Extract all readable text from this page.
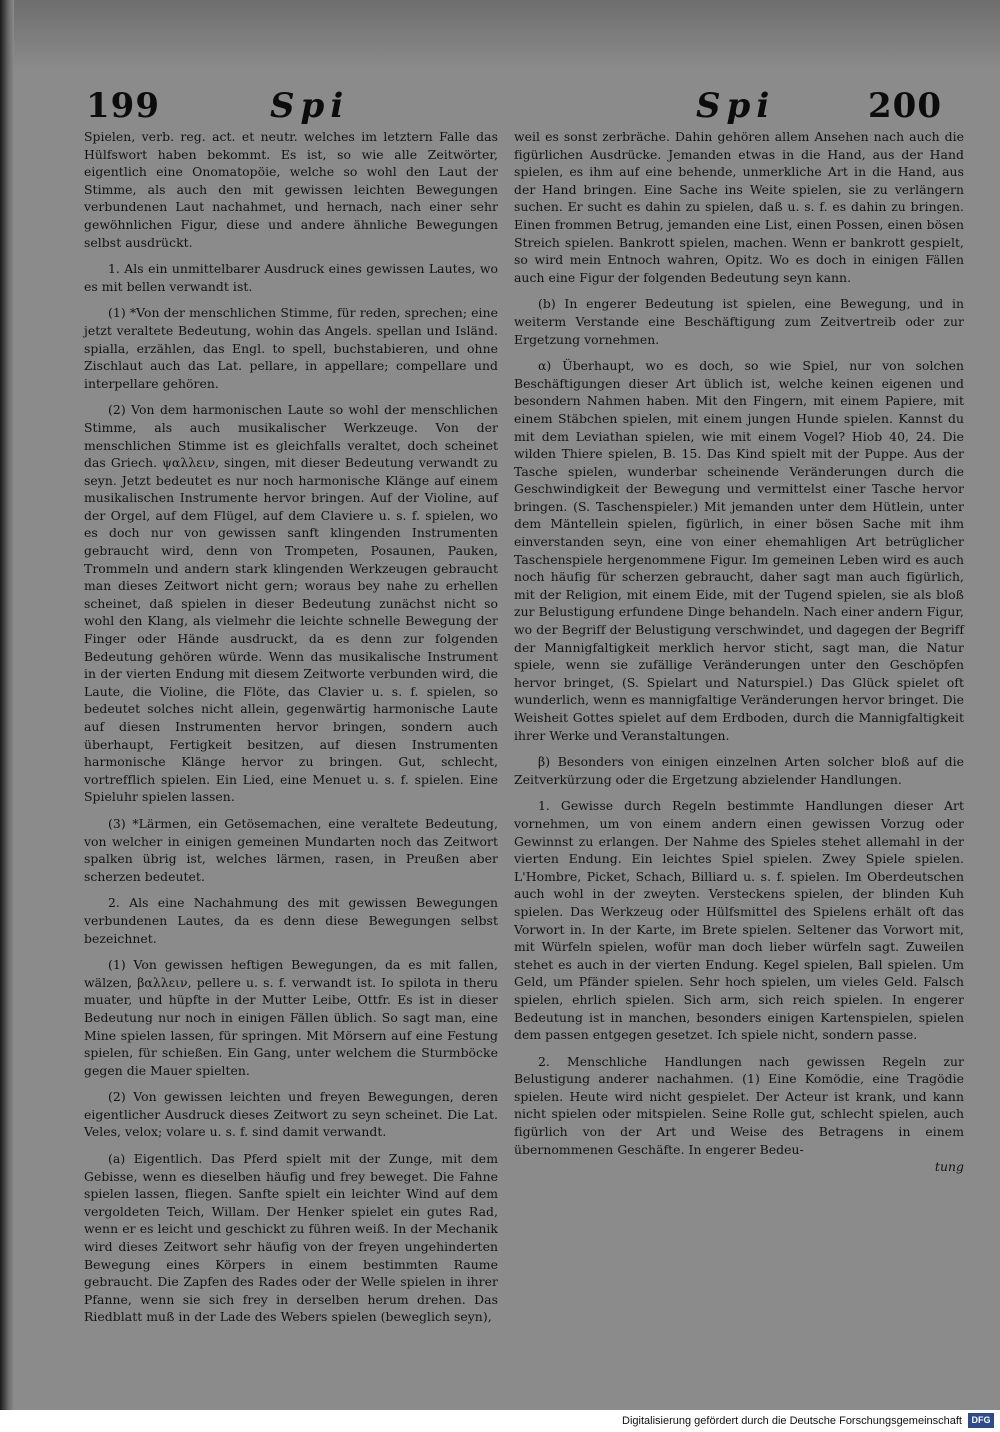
199	Spi	Spi	200

Spielen, verb. reg. act. et neutr. welches im letztern Falle das Hülfswort haben bekommt. Es ist, so wie alle Zeitwörter, eigentlich eine Onomatopöie, welche so wohl den Laut der Stimme, als auch den mit gewissen leichten Bewegungen verbundenen Laut nachahmet, und hernach, nach einer sehr gewöhnlichen Figur, diese und andere ähnliche Bewegungen selbst ausdrückt.

1. Als ein unmittelbarer Ausdruck eines gewissen Lautes, wo es mit bellen verwandt ist.

(1) *Von der menschlichen Stimme, für reden, sprechen; eine jetzt veraltete Bedeutung, wohin das Angels. spellan und Isländ. spialla, erzählen, das Engl. to spell, buchstabieren, und ohne Zischlaut auch das Lat. pellare, in appellare; compellare und interpellare gehören.

(2) Von dem harmonischen Laute so wohl der menschlichen Stimme, als auch musikalischer Werkzeuge. Von der menschlichen Stimme ist es gleichfalls veraltet, doch scheinet das Griech. ψαλλειν, singen, mit dieser Bedeutung verwandt zu seyn. Jetzt bedeutet es nur noch harmonische Klänge auf einem musikalischen Instrumente hervor bringen. Auf der Violine, auf der Orgel, auf dem Flügel, auf dem Claviere u. s. f. spielen, wo es doch nur von gewissen sanft klingenden Instrumenten gebraucht wird, denn von Trompeten, Posaunen, Pauken, Trommeln und andern stark klingenden Werkzeugen gebraucht man dieses Zeitwort nicht gern; woraus bey nahe zu erhellen scheinet, daß spielen in dieser Bedeutung zunächst nicht so wohl den Klang, als vielmehr die leichte schnelle Bewegung der Finger oder Hände ausdruckt, da es denn zur folgenden Bedeutung gehören würde. Wenn das musikalische Instrument in der vierten Endung mit diesem Zeitworte verbunden wird, die Laute, die Violine, die Flöte, das Clavier u. s. f. spielen, so bedeutet solches nicht allein, gegenwärtig harmonische Laute auf diesen Instrumenten hervor bringen, sondern auch überhaupt, Fertigkeit besitzen, auf diesen Instrumenten harmonische Klänge hervor zu bringen. Gut, schlecht, vortrefflich spielen. Ein Lied, eine Menuet u. s. f. spielen. Eine Spieluhr spielen lassen.

(3) *Lärmen, ein Getösemachen, eine veraltete Bedeutung, von welcher in einigen gemeinen Mundarten noch das Zeitwort spalken übrig ist, welches lärmen, rasen, in Preußen aber scherzen bedeutet.

2. Als eine Nachahmung des mit gewissen Bewegungen verbundenen Lautes, da es denn diese Bewegungen selbst bezeichnet.

(1) Von gewissen heftigen Bewegungen, da es mit fallen, wälzen, βαλλειν, pellere u. s. f. verwandt ist. Io spilota in theru muater, und hüpfte in der Mutter Leibe, Ottfr. Es ist in dieser Bedeutung nur noch in einigen Fällen üblich. So sagt man, eine Mine spielen lassen, für springen. Mit Mörsern auf eine Festung spielen, für schießen. Ein Gang, unter welchem die Sturmböcke gegen die Mauer spielten.

(2) Von gewissen leichten und freyen Bewegungen, deren eigentlicher Ausdruck dieses Zeitwort zu seyn scheinet. Die Lat. Veles, velox; volare u. s. f. sind damit verwandt.

(a) Eigentlich. Das Pferd spielt mit der Zunge, mit dem Gebisse, wenn es dieselben häufig und frey beweget. Die Fahne spielen lassen, fliegen. Sanfte spielt ein leichter Wind auf dem vergoldeten Teich, Willam. Der Henker spielet ein gutes Rad, wenn er es leicht und geschickt zu führen weiß. In der Mechanik wird dieses Zeitwort sehr häufig von der freyen ungehinderten Bewegung eines Körpers in einem bestimmten Raume gebraucht. Die Zapfen des Rades oder der Welle spielen in ihrer Pfanne, wenn sie sich frey in derselben herum drehen. Das Riedblatt muß in der Lade des Webers spielen (beweglich seyn),

weil es sonst zerbräche. Dahin gehören allem Ansehen nach auch die figürlichen Ausdrücke. Jemanden etwas in die Hand, aus der Hand spielen, es ihm auf eine behende, unmerkliche Art in die Hand, aus der Hand bringen. Eine Sache ins Weite spielen, sie zu verlängern suchen. Er sucht es dahin zu spielen, daß u. s. f. es dahin zu bringen. Einen frommen Betrug, jemanden eine List, einen Possen, einen bösen Streich spielen. Bankrott spielen, machen. Wenn er bankrott gespielt, so wird mein Entnoch wahren, Opitz. Wo es doch in einigen Fällen auch eine Figur der folgenden Bedeutung seyn kann.

(b) In engerer Bedeutung ist spielen, eine Bewegung, und in weiterm Verstande eine Beschäftigung zum Zeitvertreib oder zur Ergetzung vornehmen.

α) Überhaupt, wo es doch, so wie Spiel, nur von solchen Beschäftigungen dieser Art üblich ist, welche keinen eigenen und besondern Nahmen haben. Mit den Fingern, mit einem Papiere, mit einem Stäbchen spielen, mit einem jungen Hunde spielen. Kannst du mit dem Leviathan spielen, wie mit einem Vogel? Hiob 40, 24. Die wilden Thiere spielen, B. 15. Das Kind spielt mit der Puppe. Aus der Tasche spielen, wunderbar scheinende Veränderungen durch die Geschwindigkeit der Bewegung und vermittelst einer Tasche hervor bringen. (S. Taschenspieler.) Mit jemanden unter dem Hütlein, unter dem Mäntellein spielen, figürlich, in einer bösen Sache mit ihm einverstanden seyn, eine von einer ehemahligen Art betrüglicher Taschenspiele hergenommene Figur. Im gemeinen Leben wird es auch noch häufig für scherzen gebraucht, daher sagt man auch figürlich, mit der Religion, mit einem Eide, mit der Tugend spielen, sie als bloß zur Belustigung erfundene Dinge behandeln. Nach einer andern Figur, wo der Begriff der Belustigung verschwindet, und dagegen der Begriff der Mannigfaltigkeit merklich hervor sticht, sagt man, die Natur spiele, wenn sie zufällige Veränderungen unter den Geschöpfen hervor bringet, (S. Spielart und Naturspiel.) Das Glück spielet oft wunderlich, wenn es mannigfaltige Veränderungen hervor bringet. Die Weisheit Gottes spielet auf dem Erdboden, durch die Mannigfaltigkeit ihrer Werke und Veranstaltungen.

β) Besonders von einigen einzelnen Arten solcher bloß auf die Zeitverkürzung oder die Ergetzung abzielender Handlungen.

1. Gewisse durch Regeln bestimmte Handlungen dieser Art vornehmen, um von einem andern einen gewissen Vorzug oder Gewinnst zu erlangen. Der Nahme des Spieles stehet allemahl in der vierten Endung. Ein leichtes Spiel spielen. Zwey Spiele spielen. L'Hombre, Picket, Schach, Billiard u. s. f. spielen. Im Oberdeutschen auch wohl in der zweyten. Versteckens spielen, der blinden Kuh spielen. Das Werkzeug oder Hülfsmittel des Spielens erhält oft das Vorwort in. In der Karte, im Brete spielen. Seltener das Vorwort mit, mit Würfeln spielen, wofür man doch lieber würfeln sagt. Zuweilen stehet es auch in der vierten Endung. Kegel spielen, Ball spielen. Um Geld, um Pfänder spielen. Sehr hoch spielen, um vieles Geld. Falsch spielen, ehrlich spielen. Sich arm, sich reich spielen. In engerer Bedeutung ist in manchen, besonders einigen Kartenspielen, spielen dem passen entgegen gesetzet. Ich spiele nicht, sondern passe.

2. Menschliche Handlungen nach gewissen Regeln zur Belustigung anderer nachahmen. (1) Eine Komödie, eine Tragödie spielen. Heute wird nicht gespielet. Der Acteur ist krank, und kann nicht spielen oder mitspielen. Seine Rolle gut, schlecht spielen, auch figürlich von der Art und Weise des Betragens in einem übernommenen Geschäfte. In engerer Bedeu-

tung

Digitalisierung gefördert durch die Deutsche Forschungsgemeinschaft	DFG
